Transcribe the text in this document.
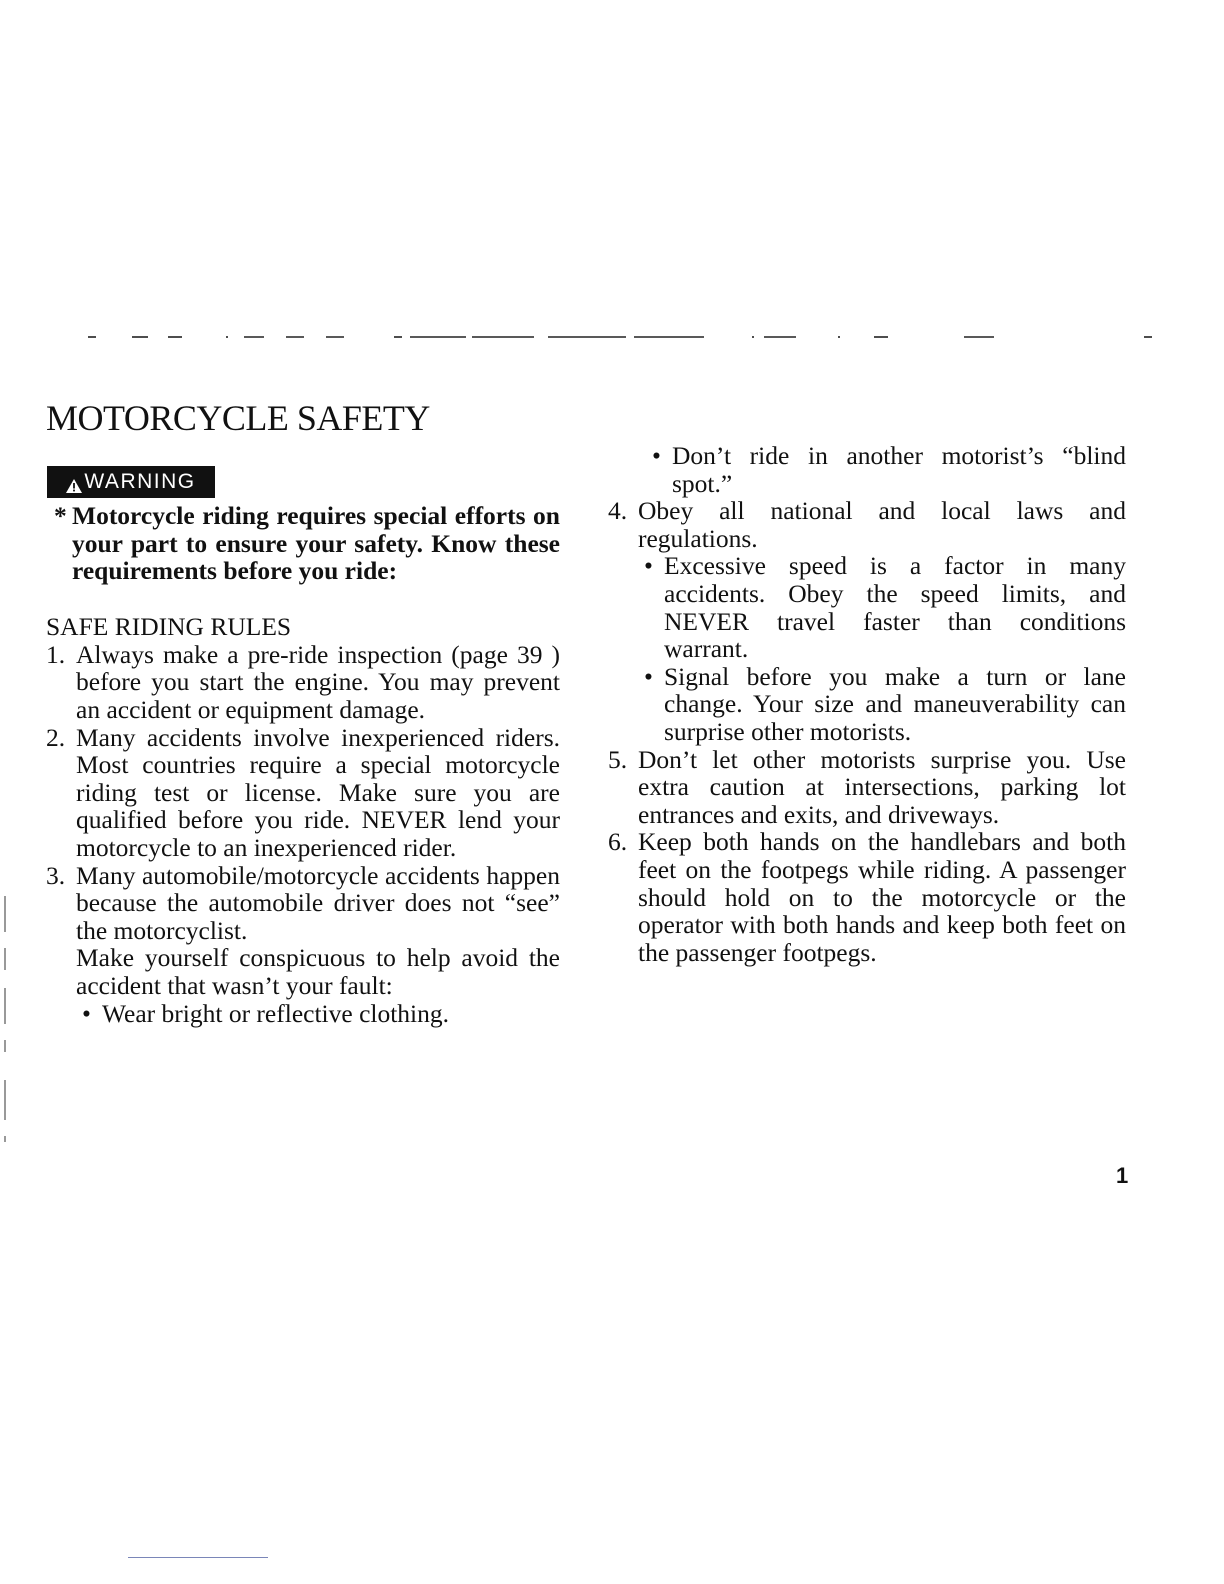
MOTORCYCLE SAFETY
WARNING
* Motorcycle riding requires special efforts on your part to ensure your safety. Know these requirements before you ride:
SAFE RIDING RULES
1. Always make a pre-ride inspection (page 39 ) before you start the engine. You may prevent an accident or equipment damage.
2. Many accidents involve inexperienced riders. Most countries require a special motorcycle riding test or license. Make sure you are qualified before you ride. NEVER lend your motorcycle to an inexperienced rider.
3. Many automobile/motorcycle accidents happen because the automobile driver does not “see” the motorcyclist.
Make yourself conspicuous to help avoid the accident that wasn’t your fault:
• Wear bright or reflective clothing.
• Don’t ride in another motorist’s “blind spot.”
4. Obey all national and local laws and regulations.
• Excessive speed is a factor in many accidents. Obey the speed limits, and NEVER travel faster than conditions warrant.
• Signal before you make a turn or lane change. Your size and maneuverability can surprise other motorists.
5. Don’t let other motorists surprise you. Use extra caution at intersections, parking lot entrances and exits, and driveways.
6. Keep both hands on the handlebars and both feet on the footpegs while riding. A passenger should hold on to the motorcycle or the operator with both hands and keep both feet on the passenger footpegs.
1
